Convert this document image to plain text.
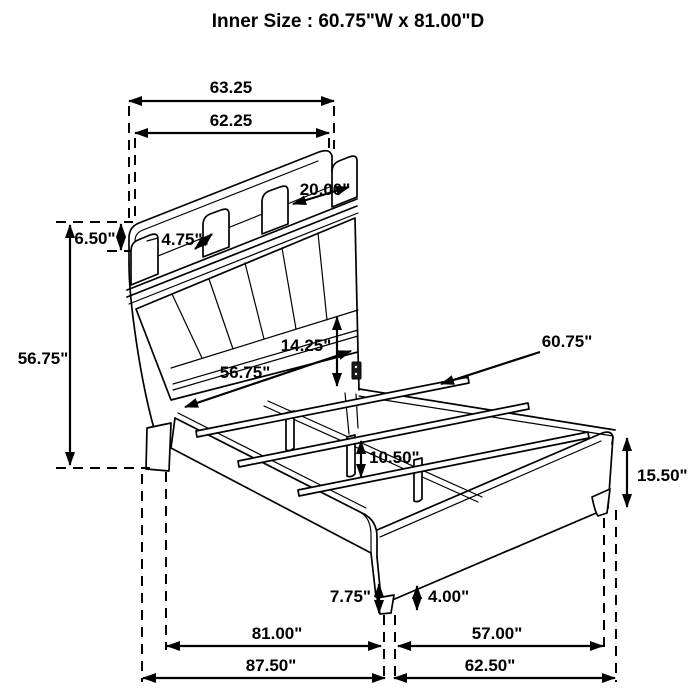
Inner Size : 60.75"W x 81.00"D
63.25
62.25
20.00"
6.50"	4.75"
56.75"
14.25"
56.75"
60.75"
10.50"
15.50"
7.75"	4.00"
81.00"	57.00"
87.50"	62.50"
